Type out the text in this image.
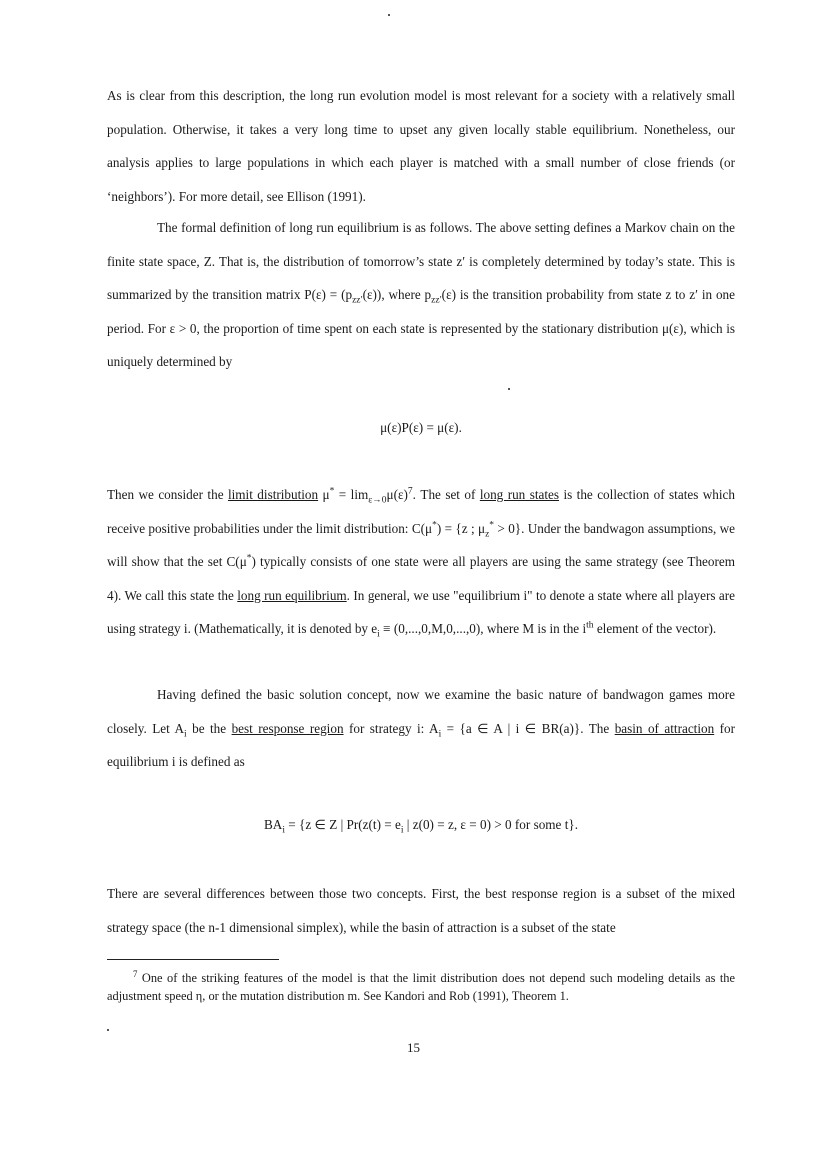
As is clear from this description, the long run evolution model is most relevant for a society with a relatively small population. Otherwise, it takes a very long time to upset any given locally stable equilibrium. Nonetheless, our analysis applies to large populations in which each player is matched with a small number of close friends (or ‘neighbors’). For more detail, see Ellison (1991).

The formal definition of long run equilibrium is as follows. The above setting defines a Markov chain on the finite state space, Z. That is, the distribution of tomorrow’s state z′ is completely determined by today’s state. This is summarized by the transition matrix $P(\varepsilon) = (p_{zz'}(\varepsilon))$, where $p_{zz'}(\varepsilon)$ is the transition probability from state z to z′ in one period. For ε > 0, the proportion of time spent on each state is represented by the stationary distribution μ(ε), which is uniquely determined by

μ(ε)P(ε) = μ(ε).

Then we consider the limit distribution $\mu^* = \lim_{\varepsilon\to 0}\mu(\varepsilon)^7$. The set of long run states is the collection of states which receive positive probabilities under the limit distribution: C(μ*) = {z ; $\mu_z^* > 0$}. Under the bandwagon assumptions, we will show that the set C(μ*) typically consists of one state were all players are using the same strategy (see Theorem 4). We call this state the long run equilibrium. In general, we use "equilibrium i" to denote a state where all players are using strategy i. (Mathematically, it is denoted by $e_i \equiv (0,...,0,M,0,...,0)$, where M is in the $i^{th}$ element of the vector).

Having defined the basic solution concept, now we examine the basic nature of bandwagon games more closely. Let $A_i$ be the best response region for strategy i: $A_i = \{a$ ∈ A | i ∈ BR(a)}. The basin of attraction for equilibrium i is defined as

$BA_i = \{z$ ∈ Z | $Pr(z(t) = e_i$ | z(0) = z, ε = 0) > 0 for some t}.

There are several differences between those two concepts. First, the best response region is a subset of the mixed strategy space (the n-1 dimensional simplex), while the basin of attraction is a subset of the state

$^7$ One of the striking features of the model is that the limit distribution does not depend such modeling details as the adjustment speed η, or the mutation distribution m. See Kandori and Rob (1991), Theorem 1.

15
